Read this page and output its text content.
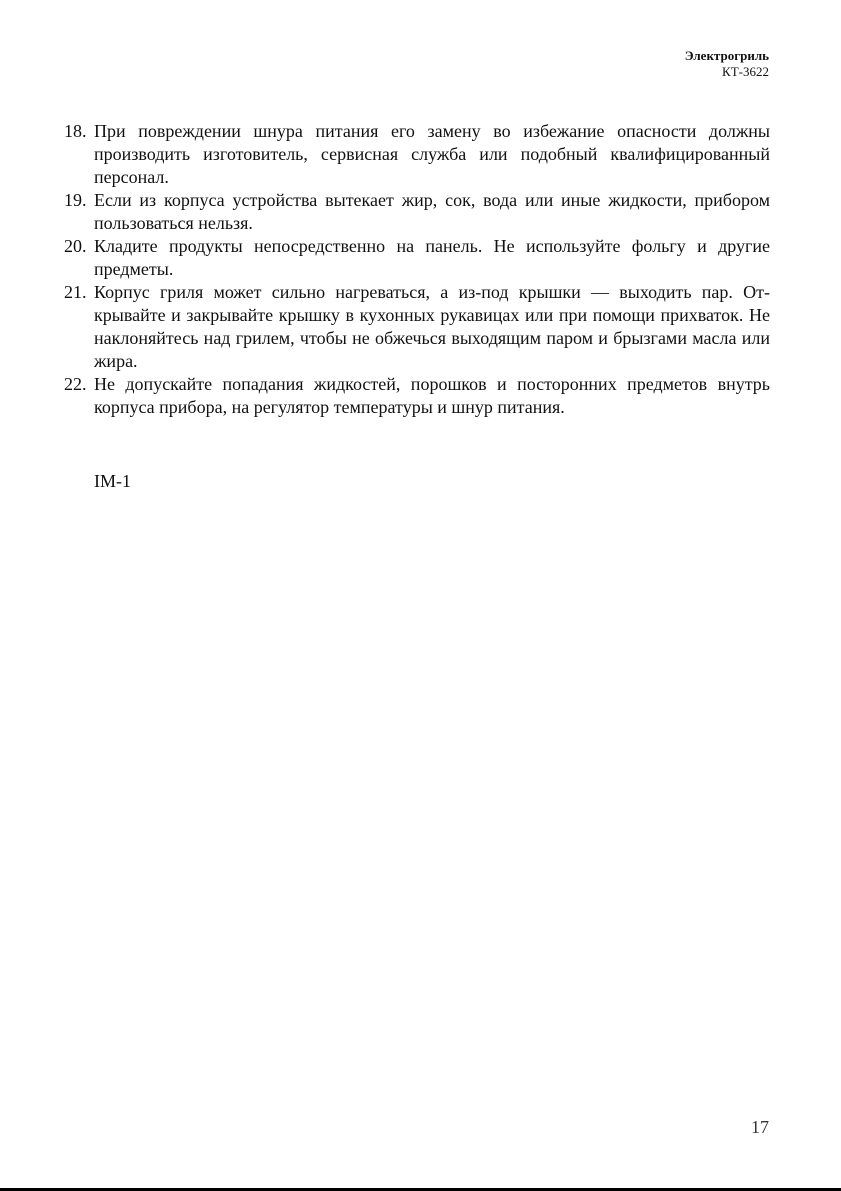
Электрогриль
КТ-3622
18. При повреждении шнура питания его замену во избежание опасности должны производить изготовитель, сервисная служба или подобный квалифицированный персонал.
19. Если из корпуса устройства вытекает жир, сок, вода или иные жидкости, прибором пользоваться нельзя.
20. Кладите продукты непосредственно на панель. Не используйте фольгу и другие предметы.
21. Корпус гриля может сильно нагреваться, а из-под крышки — выходить пар. Открывайте и закрывайте крышку в кухонных рукавицах или при помощи прихваток. Не наклоняйтесь над грилем, чтобы не обжечься выходящим паром и брызгами масла или жира.
22. Не допускайте попадания жидкостей, порошков и посторонних предметов внутрь корпуса прибора, на регулятор температуры и шнур питания.
IM-1
17
